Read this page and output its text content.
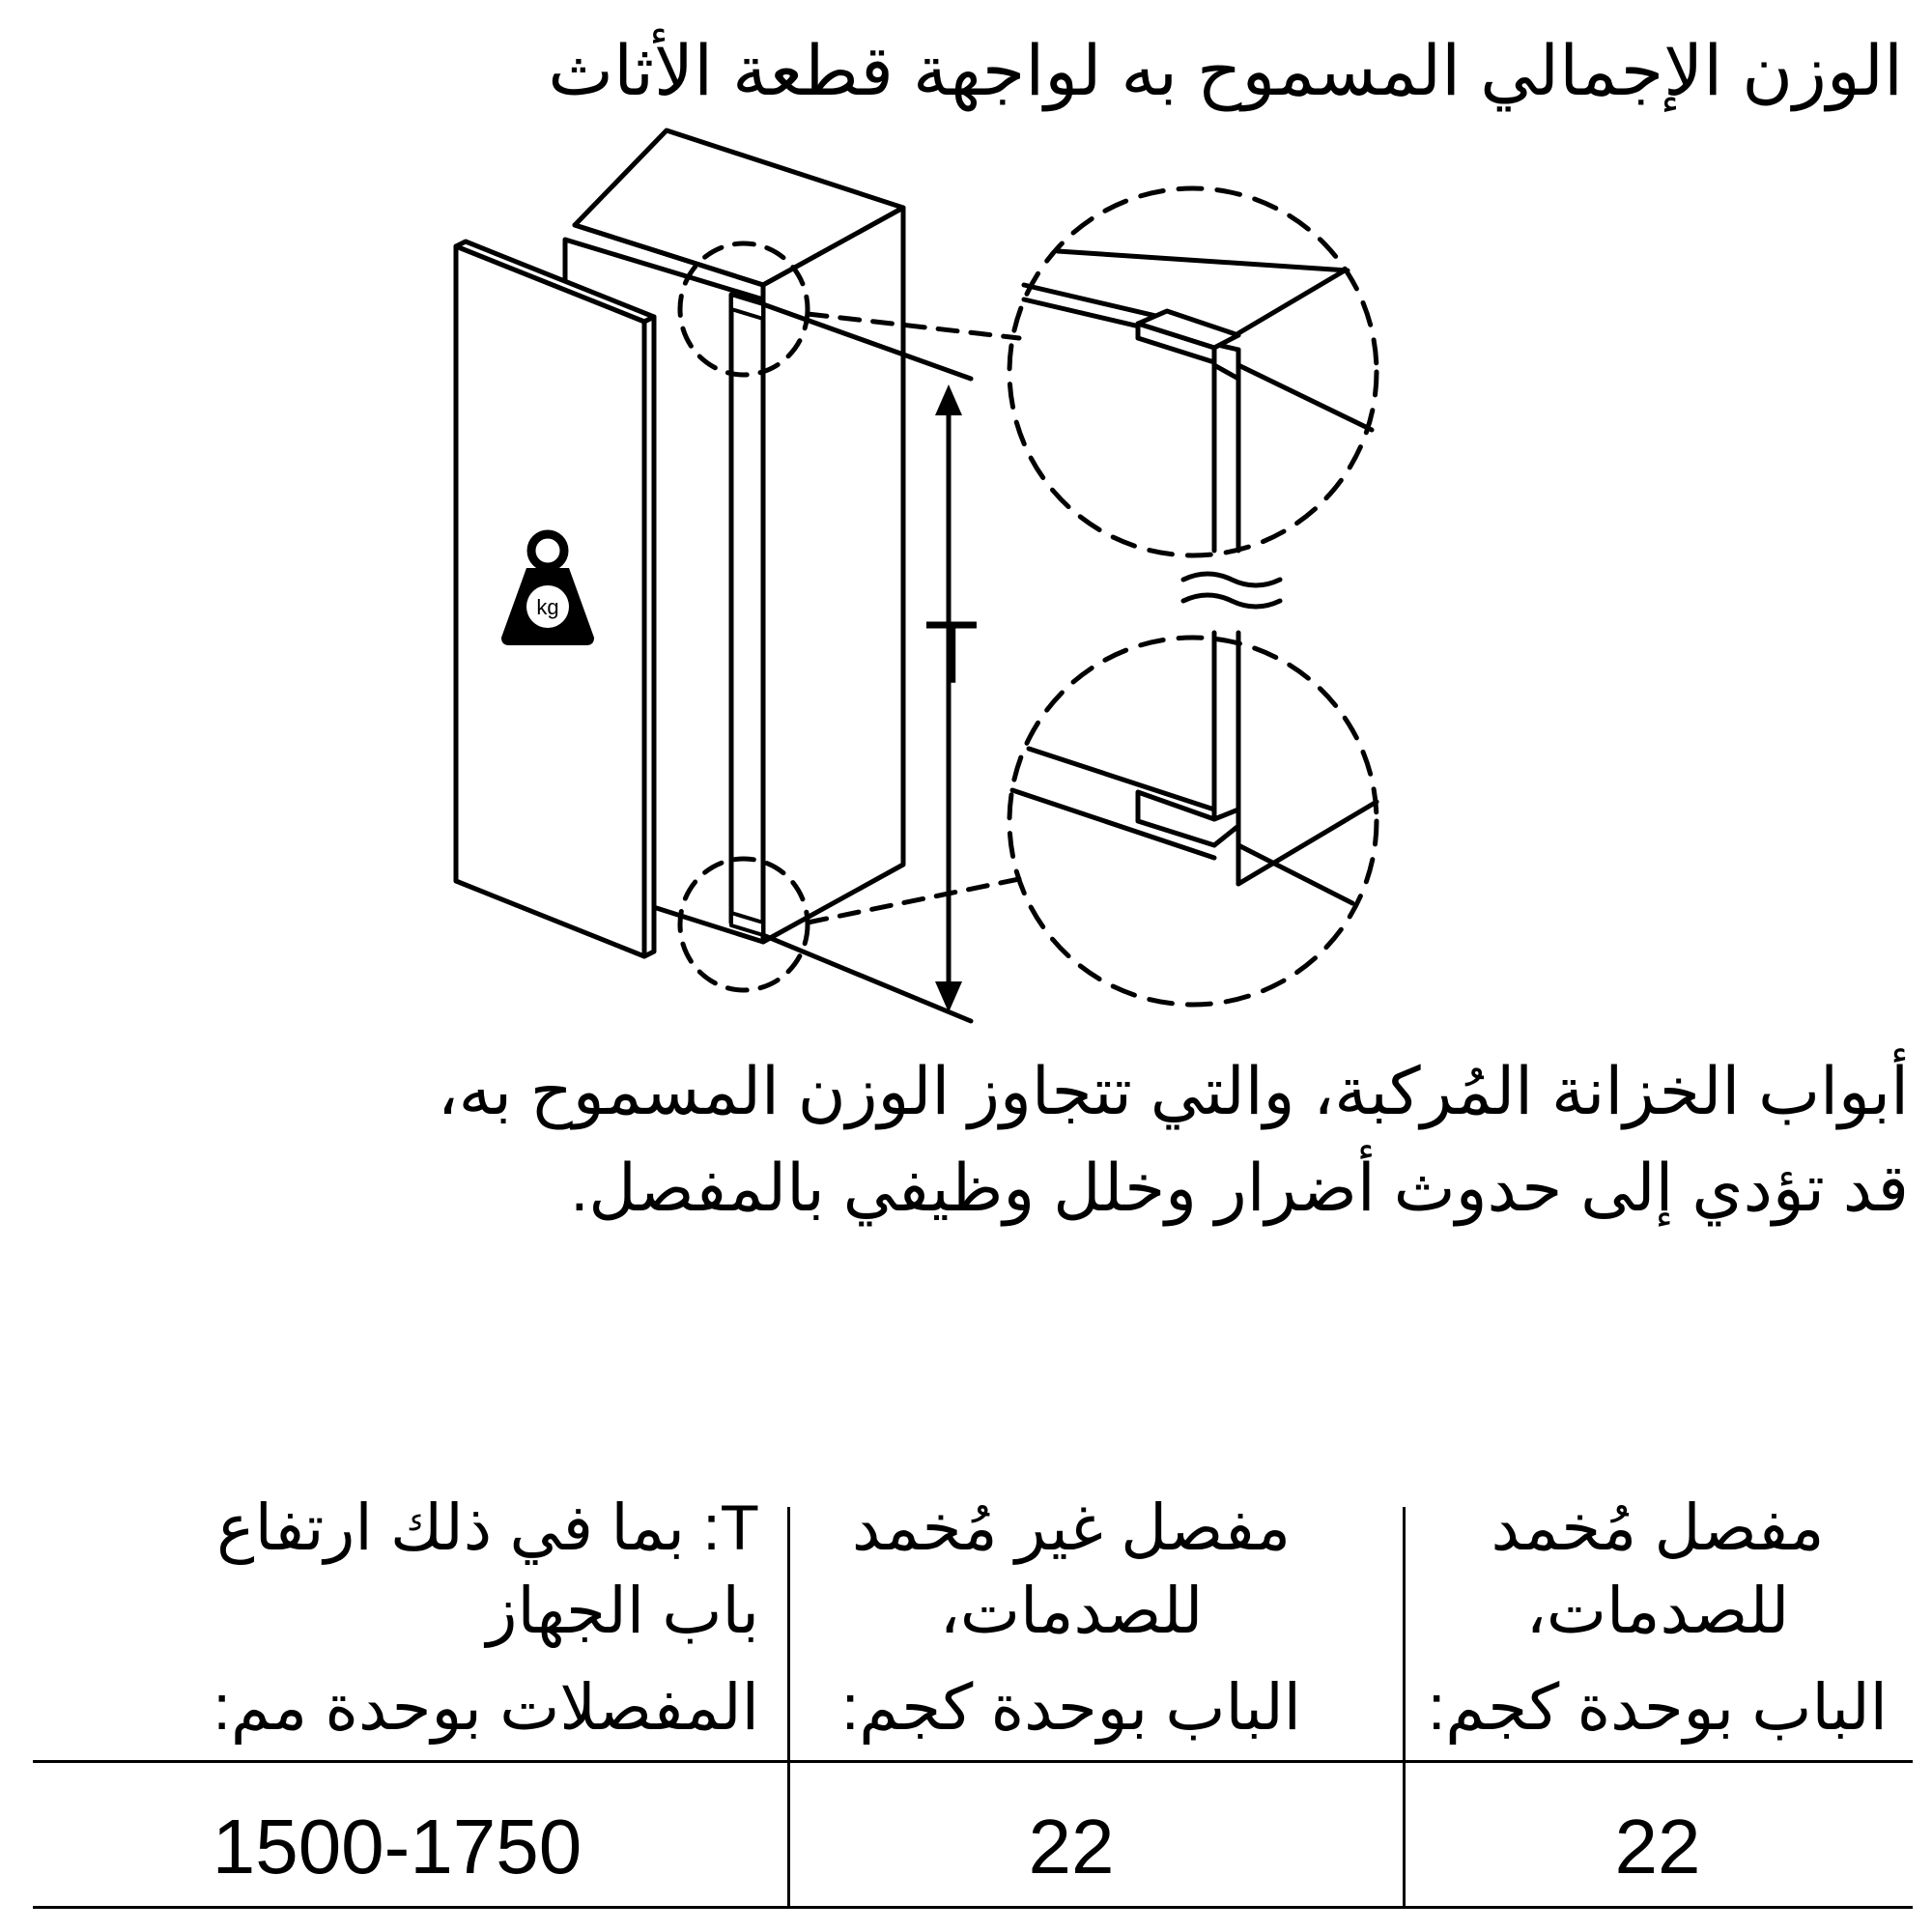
الوزن الإجمالي المسموح به لواجهة قطعة الأثاث
T
kg

أبواب الخزانة المُركبة، والتي تتجاوز الوزن المسموح به،

قد تؤدي إلى حدوث أضرار وخلل وظيفي بالمفصل.

مفصل مُخمد
للصدمات،
الباب بوحدة كجم:
مفصل غير مُخمد
للصدمات،
الباب بوحدة كجم:
T: بما في ذلك ارتفاع
باب الجهاز
المفصلات بوحدة مم:
22
22
1500-1750
